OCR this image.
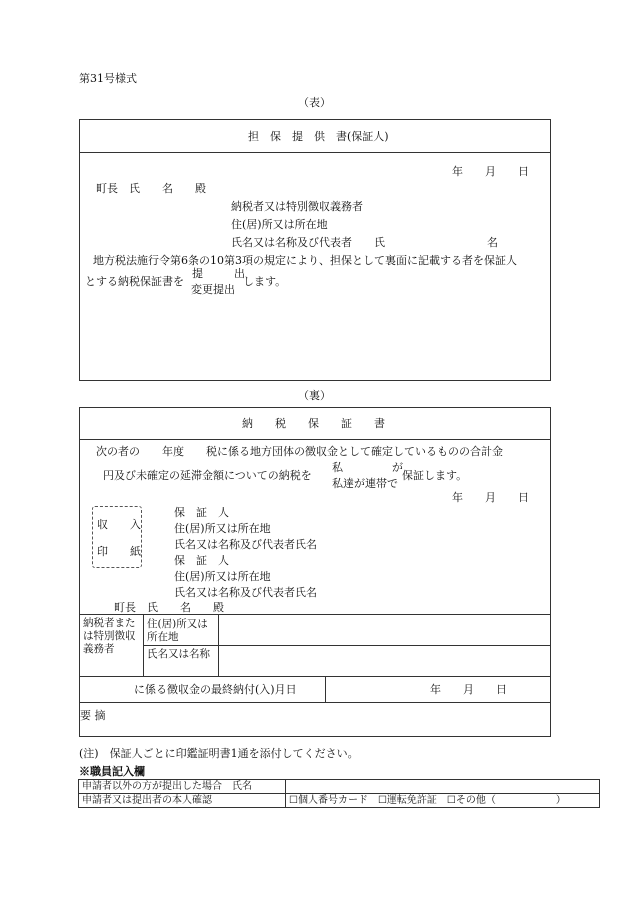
第31号様式
（表）
担　保　提　供　書(保証人)
年　　月　　日
町長　氏　　名　　殿
納税者又は特別徴収義務者
住(居)所又は所在地
氏名又は名称及び代表者　　氏	名
地方税法施行令第6条の10第3項の規定により、担保として裏面に記載する者を保証人
とする納税保証書を
提	出
変更提出
します。
（裏）
納　　税　　保　　証　　書
次の者の　　年度　　税に係る地方団体の徴収金として確定しているものの合計金
円及び未確定の延滞金額についての納税を
私	が
私達が連帯で
保証します。
年　　月　　日
収　　入
印　　紙
保　証　人
住(居)所又は所在地
氏名又は名称及び代表者氏名
保　証　人
住(居)所又は所在地
氏名又は名称及び代表者氏名
町長　氏　　名　　殿
納税者または特別徴収義務者
住(居)所又は所在地
氏名又は名称
に係る徴収金の最終納付(入)月日	年　　月　　日
要 摘
(注)　保証人ごとに印鑑証明書1通を添付してください。
※職員記入欄
申請者以外の方が提出した場合　氏名	
申請者又は提出者の本人確認	☐個人番号カード　☐運転免許証　☐その他（　　　　　　）
